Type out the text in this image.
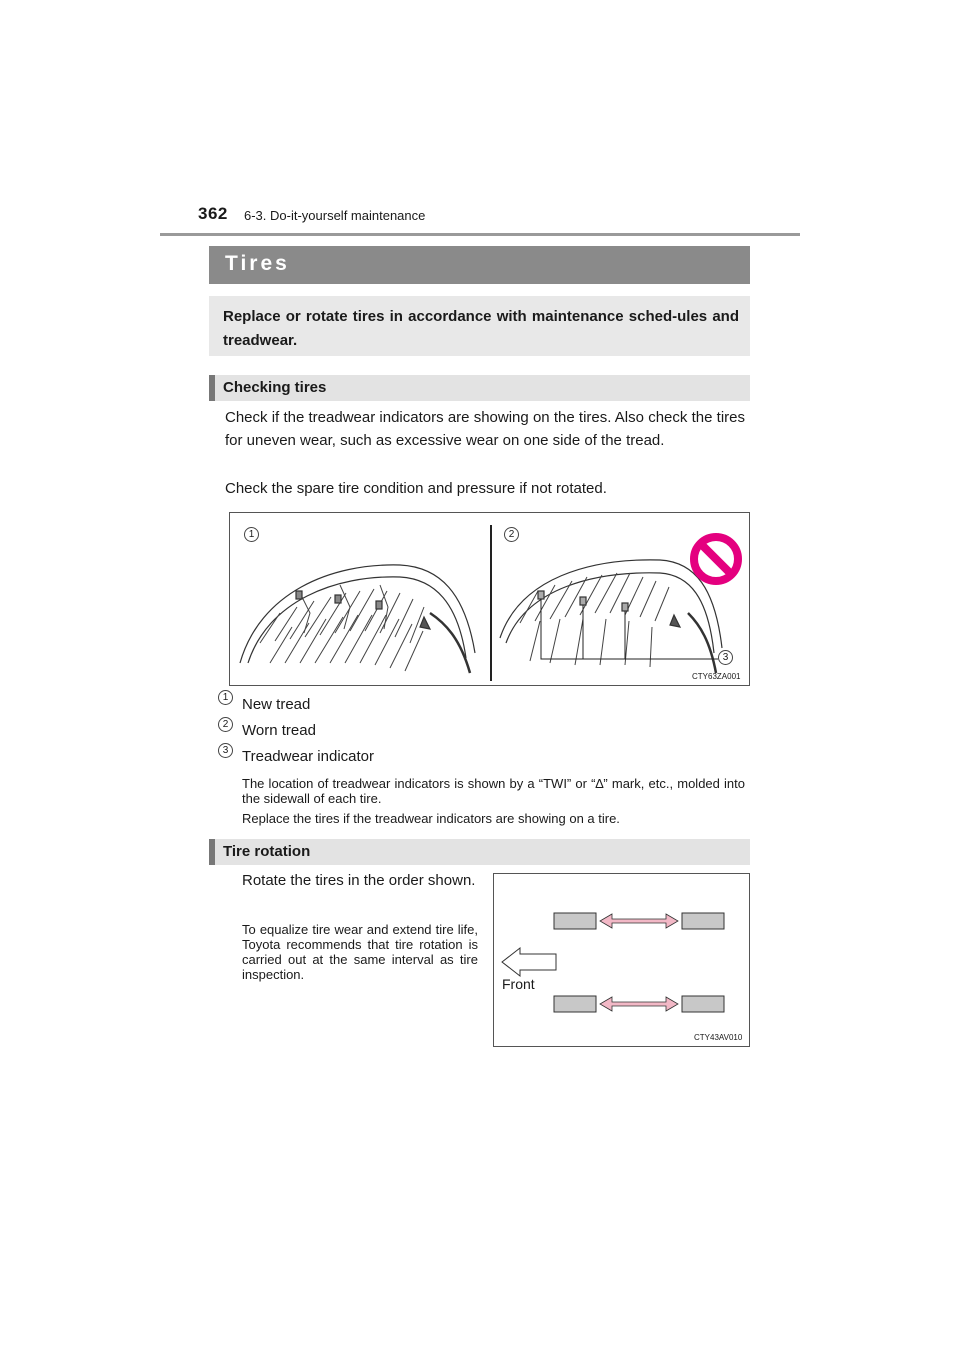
362 6-3. Do-it-yourself maintenance
Tires
Replace or rotate tires in accordance with maintenance sched-ules and treadwear.
Checking tires
Check if the treadwear indicators are showing on the tires. Also check the tires for uneven wear, such as excessive wear on one side of the tread.
Check the spare tire condition and pressure if not rotated.
1	2
3
CTY63ZA001
1 New tread
2 Worn tread
3 Treadwear indicator
The location of treadwear indicators is shown by a “TWI” or “∆” mark, etc., molded into the sidewall of each tire.
Replace the tires if the treadwear indicators are showing on a tire.
Tire rotation
Rotate the tires in the order shown.
To equalize tire wear and extend tire life, Toyota recommends that tire rotation is carried out at the same interval as tire inspection.
Front
CTY43AV010
